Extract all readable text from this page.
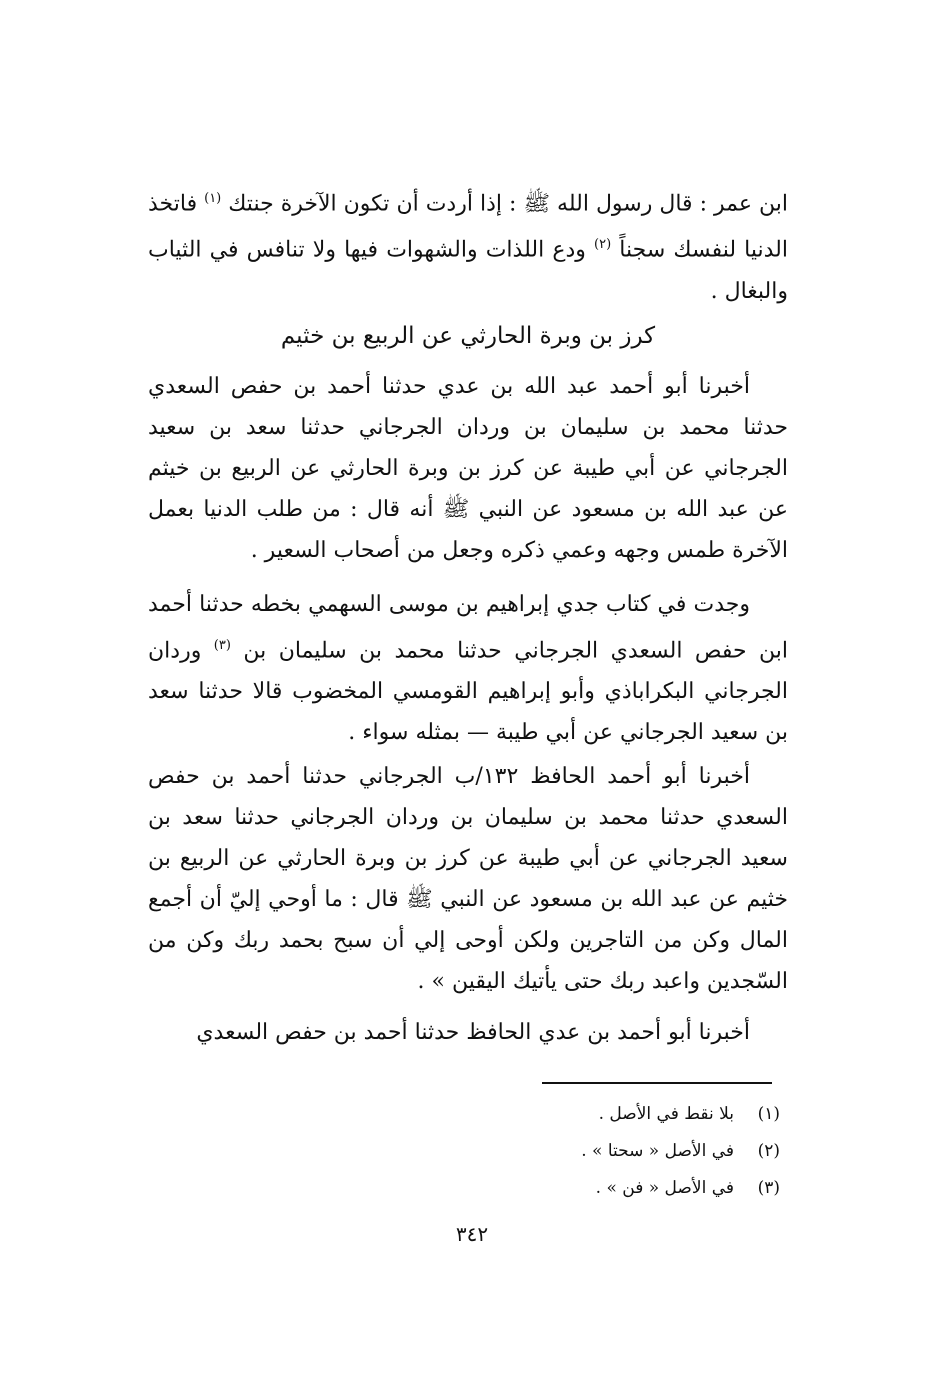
ابن عمر : قال رسول الله ﷺ : إذا أردت أن تكون الآخرة جنتك $^{(١)}$ فاتخذ الدنيا لنفسك سجناً $^{(٢)}$ ودع اللذات والشهوات فيها ولا تنافس في الثياب والبغال .

كرز بن وبرة الحارثي عن الربيع بن خثيم

أخبرنا أبو أحمد عبد الله بن عدي حدثنا أحمد بن حفص السعدي حدثنا محمد بن سليمان بن وردان الجرجاني حدثنا سعد بن سعيد الجرجاني عن أبي طيبة عن كرز بن وبرة الحارثي عن الربيع بن خيثم عن عبد الله بن مسعود عن النبي ﷺ أنه قال : من طلب الدنيا بعمل الآخرة طمس وجهه وعمي ذكره وجعل من أصحاب السعير .

وجدت في كتاب جدي إبراهيم بن موسى السهمي بخطه حدثنا أحمد ابن حفص السعدي الجرجاني حدثنا محمد بن سليمان بن $^{(٣)}$ وردان الجرجاني البكراباذي وأبو إبراهيم القومسي المخضوب قالا حدثنا سعد بن سعيد الجرجاني عن أبي طيبة — بمثله سواء .

أخبرنا أبو أحمد الحافظ ١٣٢/ب الجرجاني حدثنا أحمد بن حفص السعدي حدثنا محمد بن سليمان بن وردان الجرجاني حدثنا سعد بن سعيد الجرجاني عن أبي طيبة عن كرز بن وبرة الحارثي عن الربيع بن خثيم عن عبد الله بن مسعود عن النبي ﷺ قال : ما أوحي إليّ أن أجمع المال وكن من التاجرين ولكن أوحى إلي أن سبح بحمد ربك وكن من السّجدين واعبد ربك حتى يأتيك اليقين » .

أخبرنا أبو أحمد بن عدي الحافظ حدثنا أحمد بن حفص السعدي

(١)
بلا نقط في الأصل .
(٢)
في الأصل « سحتا » .
(٣)
في الأصل « فن » .
٣٤٢
